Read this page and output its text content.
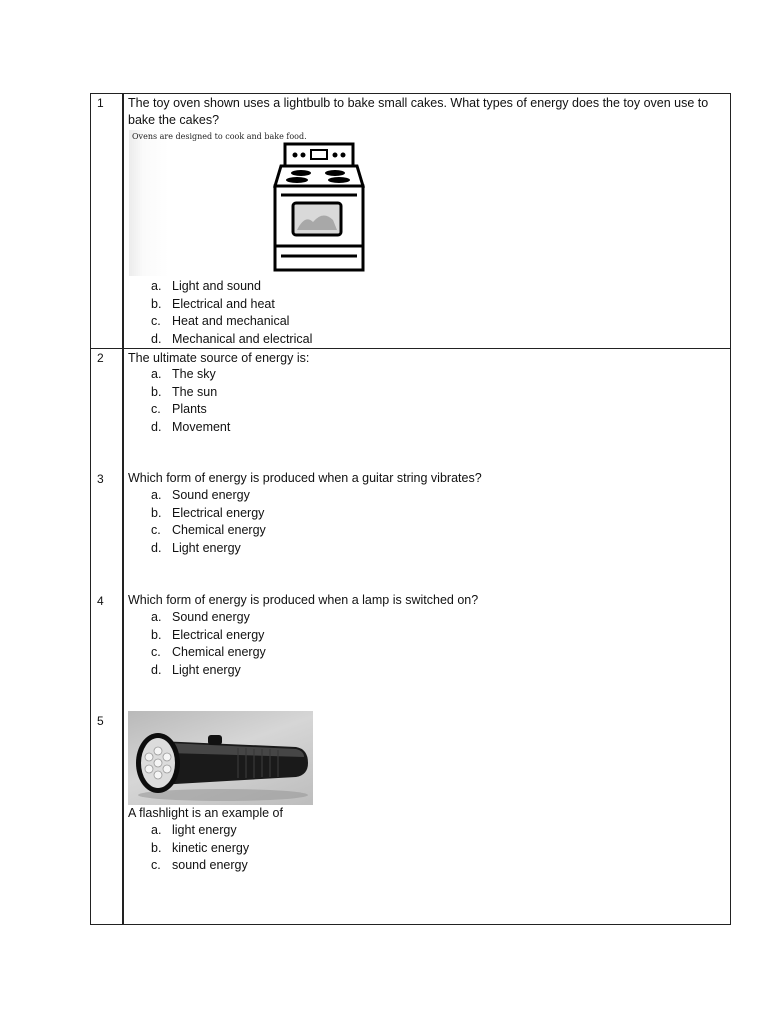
1 The toy oven shown uses a lightbulb to bake small cakes. What types of energy does the toy oven use to bake the cakes?
Ovens are designed to cook and bake food.
a. Light and sound
b. Electrical and heat
c. Heat and mechanical
d. Mechanical and electrical
2 The ultimate source of energy is:
a. The sky
b. The sun
c. Plants
d. Movement
3 Which form of energy is produced when a guitar string vibrates?
a. Sound energy
b. Electrical energy
c. Chemical energy
d. Light energy
4 Which form of energy is produced when a lamp is switched on?
a. Sound energy
b. Electrical energy
c. Chemical energy
d. Light energy
5
A flashlight is an example of
a. light energy
b. kinetic energy
c. sound energy
